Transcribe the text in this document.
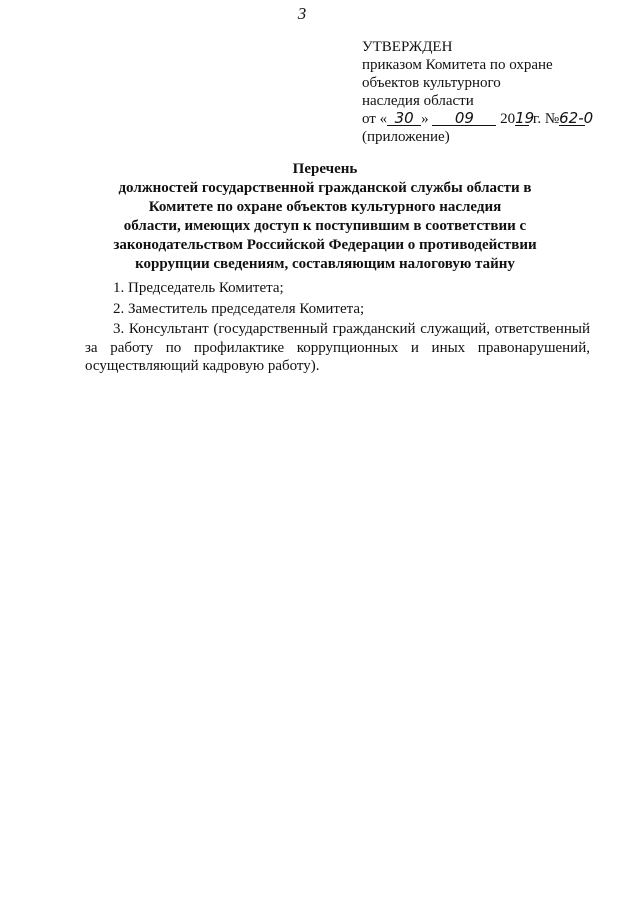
3
УТВЕРЖДЕН
приказом Комитета по охране
объектов культурного
наследия области
от « 30 » 09 2019 г. №62-0
(приложение)
Перечень
должностей государственной гражданской службы области в
Комитете по охране объектов культурного наследия
области, имеющих доступ к поступившим в соответствии с
законодательством Российской Федерации о противодействии
коррупции сведениям, составляющим налоговую тайну

1. Председатель Комитета;

2. Заместитель председателя Комитета;

3. Консультант (государственный гражданский служащий, ответственный за работу по профилактике коррупционных и иных правонарушений, осуществляющий кадровую работу).
